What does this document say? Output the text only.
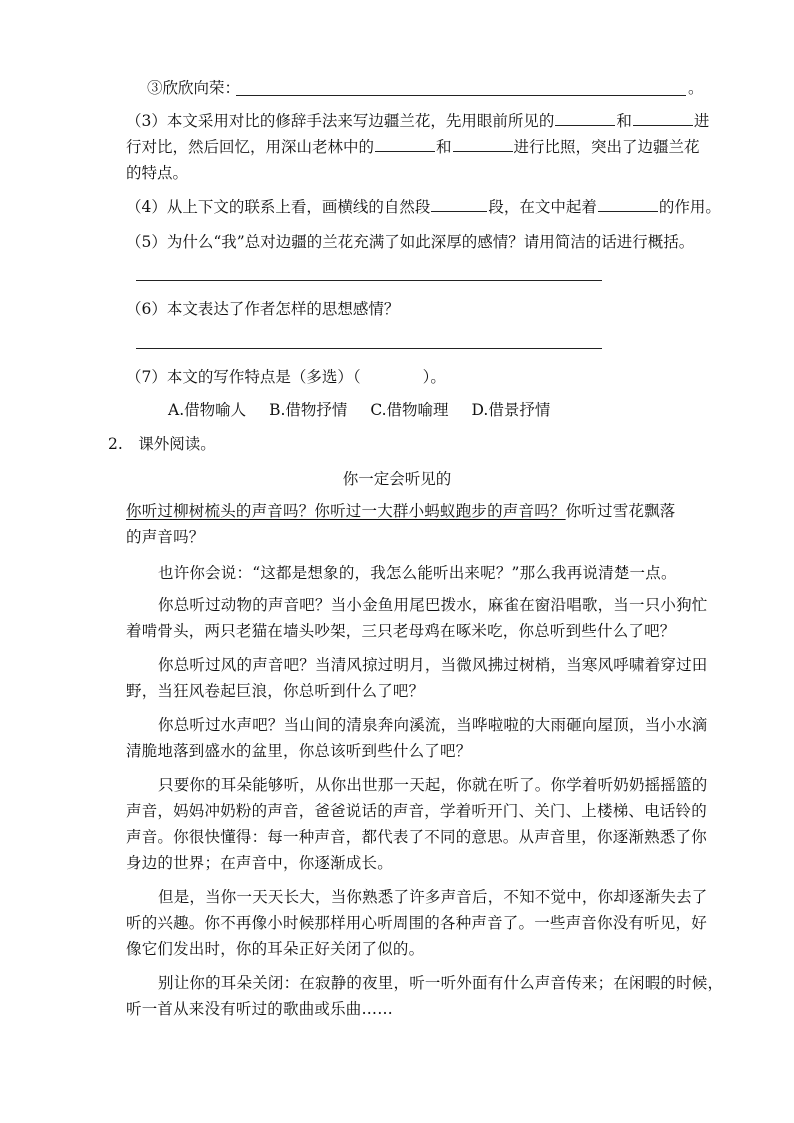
③欣欣向荣：	。
（3）本文采用对比的修辞手法来写边疆兰花，先用眼前所见的	和	进
行对比，然后回忆，用深山老林中的	和	进行比照，突出了边疆兰花
的特点。
（4）从上下文的联系上看，画横线的自然段	段，在文中起着	的作用。
（5）为什么“我”总对边疆的兰花充满了如此深厚的感情？请用简洁的话进行概括。
（6）本文表达了作者怎样的思想感情？
（7）本文的写作特点是（多选）（　　　　）。
A.借物喻人 B.借物抒情 C.借物喻理 D.借景抒情
2.　课外阅读。
你一定会听见的
你听过柳树梳头的声音吗？你听过一大群小蚂蚁跑步的声音吗？你听过雪花飘落
的声音吗？
也许你会说：“这都是想象的，我怎么能听出来呢？”那么我再说清楚一点。
你总听过动物的声音吧？当小金鱼用尾巴拨水，麻雀在窗沿唱歌，当一只小狗忙
着啃骨头，两只老猫在墙头吵架，三只老母鸡在啄米吃，你总听到些什么了吧？
你总听过风的声音吧？当清风掠过明月，当微风拂过树梢，当寒风呼啸着穿过田
野，当狂风卷起巨浪，你总听到什么了吧？
你总听过水声吧？当山间的清泉奔向溪流，当哗啦啦的大雨砸向屋顶，当小水滴
清脆地落到盛水的盆里，你总该听到些什么了吧？
只要你的耳朵能够听，从你出世那一天起，你就在听了。你学着听奶奶摇摇篮的
声音，妈妈冲奶粉的声音，爸爸说话的声音，学着听开门、关门、上楼梯、电话铃的
声音。你很快懂得：每一种声音，都代表了不同的意思。从声音里，你逐渐熟悉了你
身边的世界；在声音中，你逐渐成长。
但是，当你一天天长大，当你熟悉了许多声音后，不知不觉中，你却逐渐失去了
听的兴趣。你不再像小时候那样用心听周围的各种声音了。一些声音你没有听见，好
像它们发出时，你的耳朵正好关闭了似的。
别让你的耳朵关闭：在寂静的夜里，听一听外面有什么声音传来；在闲暇的时候，
听一首从来没有听过的歌曲或乐曲……
